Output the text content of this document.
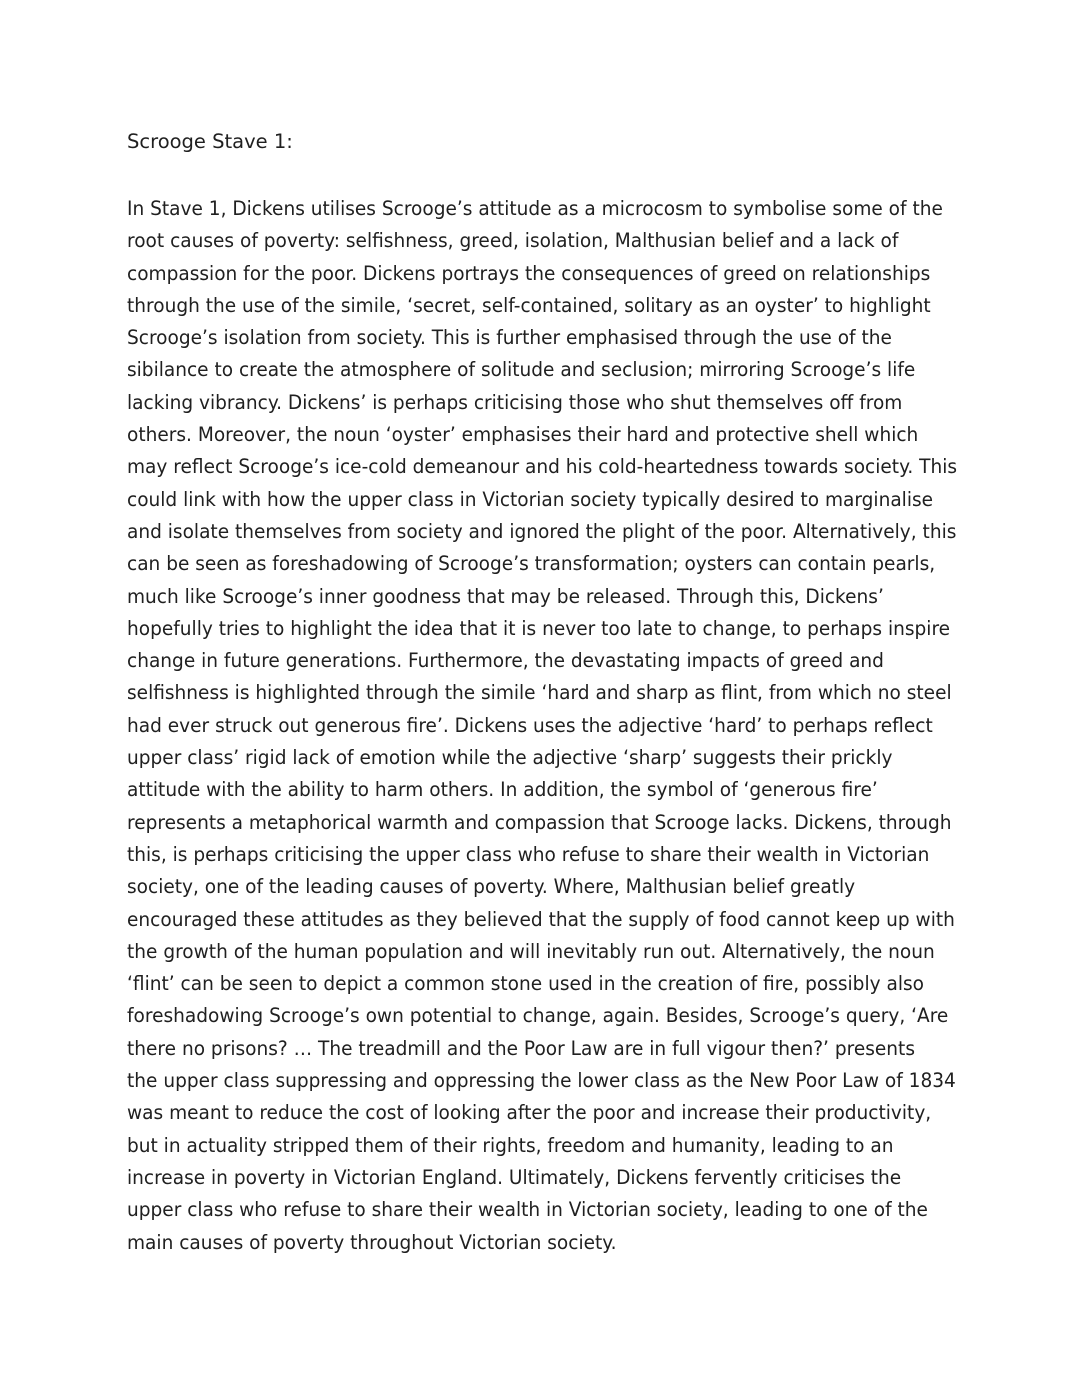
Scrooge Stave 1:
In Stave 1, Dickens utilises Scrooge’s attitude as a microcosm to symbolise some of the
root causes of poverty: selfishness, greed, isolation, Malthusian belief and a lack of
compassion for the poor. Dickens portrays the consequences of greed on relationships
through the use of the simile, ‘secret, self-contained, solitary as an oyster’ to highlight
Scrooge’s isolation from society. This is further emphasised through the use of the
sibilance to create the atmosphere of solitude and seclusion; mirroring Scrooge’s life
lacking vibrancy. Dickens’ is perhaps criticising those who shut themselves off from
others. Moreover, the noun ‘oyster’ emphasises their hard and protective shell which
may reflect Scrooge’s ice-cold demeanour and his cold-heartedness towards society. This
could link with how the upper class in Victorian society typically desired to marginalise
and isolate themselves from society and ignored the plight of the poor. Alternatively, this
can be seen as foreshadowing of Scrooge’s transformation; oysters can contain pearls,
much like Scrooge’s inner goodness that may be released. Through this, Dickens’
hopefully tries to highlight the idea that it is never too late to change, to perhaps inspire
change in future generations. Furthermore, the devastating impacts of greed and
selfishness is highlighted through the simile ‘hard and sharp as flint, from which no steel
had ever struck out generous fire’. Dickens uses the adjective ‘hard’ to perhaps reflect
upper class’ rigid lack of emotion while the adjective ‘sharp’ suggests their prickly
attitude with the ability to harm others. In addition, the symbol of ‘generous fire’
represents a metaphorical warmth and compassion that Scrooge lacks. Dickens, through
this, is perhaps criticising the upper class who refuse to share their wealth in Victorian
society, one of the leading causes of poverty. Where, Malthusian belief greatly
encouraged these attitudes as they believed that the supply of food cannot keep up with
the growth of the human population and will inevitably run out. Alternatively, the noun
‘flint’ can be seen to depict a common stone used in the creation of fire, possibly also
foreshadowing Scrooge’s own potential to change, again. Besides, Scrooge’s query, ‘Are
there no prisons? … The treadmill and the Poor Law are in full vigour then?’ presents
the upper class suppressing and oppressing the lower class as the New Poor Law of 1834
was meant to reduce the cost of looking after the poor and increase their productivity,
but in actuality stripped them of their rights, freedom and humanity, leading to an
increase in poverty in Victorian England. Ultimately, Dickens fervently criticises the
upper class who refuse to share their wealth in Victorian society, leading to one of the
main causes of poverty throughout Victorian society.
